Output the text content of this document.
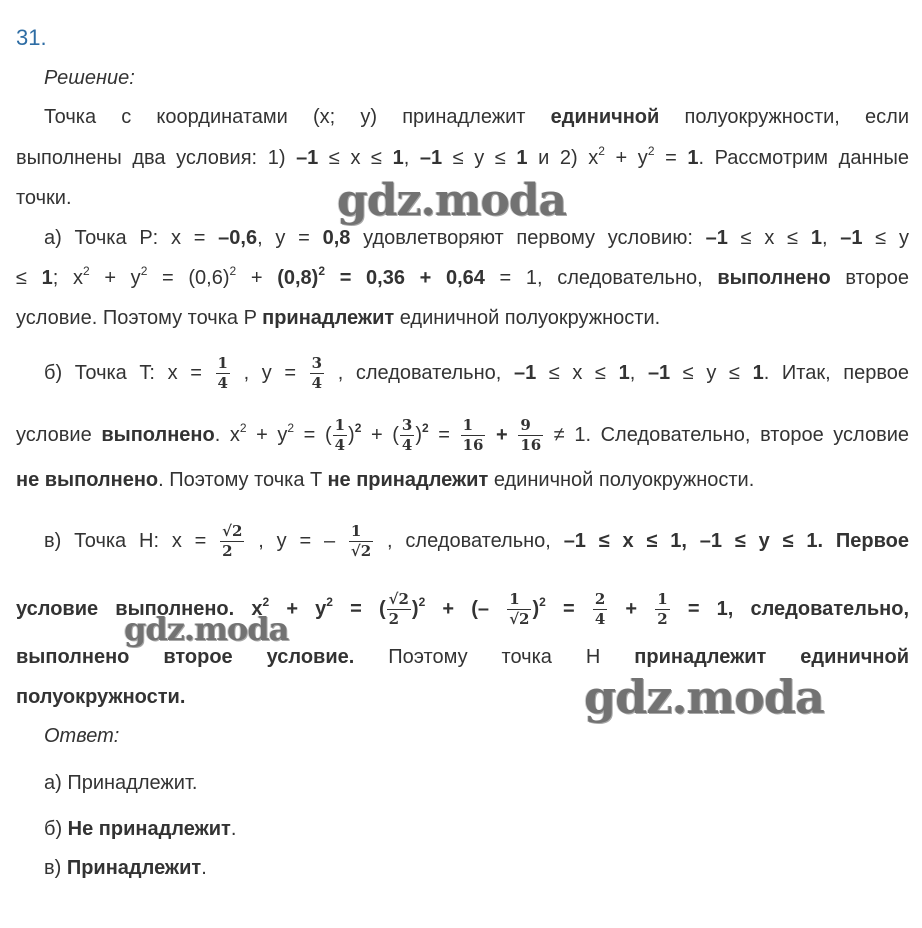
31.
Решение:
Точка с координатами (x; y) принадлежит единичной полуокружности, если
выполнены два условия: 1) –1 ≤ x ≤ 1, –1 ≤ y ≤ 1 и 2) $x^2 + y^2 = 1$. Рассмотрим данные
точки.
а) Точка P: x = –0,6, y = 0,8 удовлетворяют первому условию: –1 ≤ x ≤ 1, –1 ≤ y
≤ 1; $x^2 + y^2 = (0,6)^2 + (0,8)^2 = 0,36 + 0,64 = 1$, следовательно, выполнено второе
условие. Поэтому точка P принадлежит единичной полуокружности.
б) Точка T: $x = \frac{1}{4}$ , $y = \frac{3}{4}$ , следовательно, –1 ≤ x ≤ 1, –1 ≤ y ≤ 1. Итак, первое
условие выполнено. $x^2 + y^2$ = ( $\frac{1}{4} )^2$ + ( $\frac{3}{4} )^2 = \frac{1}{16} + \frac{9}{16} \ne 1$. Следовательно, второе условие
не выполнено. Поэтому точка T не принадлежит единичной полуокружности.
в) Точка H: $x = \frac{√2}{2}$ , y = – $\frac{1}{√2}$ , следовательно, –1 ≤ x ≤ 1, –1 ≤ y ≤ 1. Первое
условие выполнено. $x^2 + y^2$ = ( $\frac{√2}{2} )^2$ + (– $\frac{1}{√2} )^2 = \frac{2}{4} + \frac{1}{2} = 1$, следовательно,
выполнено второе условие. Поэтому точка H принадлежит единичной
полуокружности.
Ответ:
а) Принадлежит.
б) Не принадлежит.
в) Принадлежит.
gdz.moda
gdz.moda
gdz.moda
